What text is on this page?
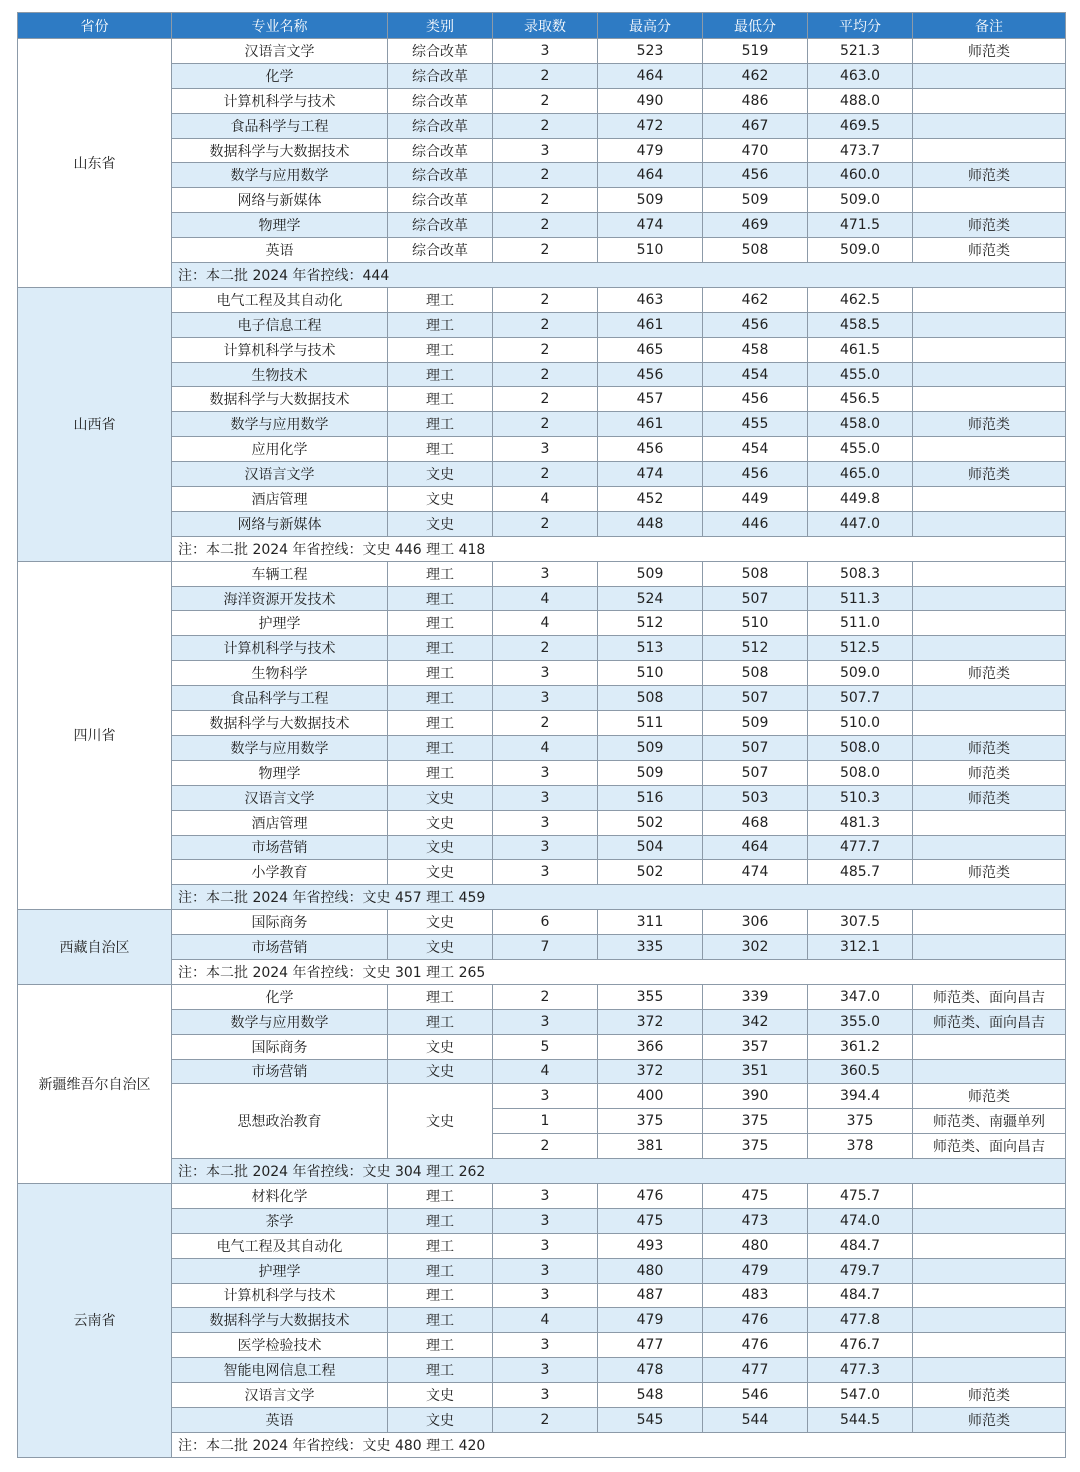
省份	专业名称	类别	录取数	最高分	最低分	平均分	备注
山东省	汉语言文学	综合改革	3	523	519	521.3	师范类
	化学	综合改革	2	464	462	463.0	
	计算机科学与技术	综合改革	2	490	486	488.0	
	食品科学与工程	综合改革	2	472	467	469.5	
	数据科学与大数据技术	综合改革	3	479	470	473.7	
	数学与应用数学	综合改革	2	464	456	460.0	师范类
	网络与新媒体	综合改革	2	509	509	509.0	
	物理学	综合改革	2	474	469	471.5	师范类
	英语	综合改革	2	510	508	509.0	师范类
	注：本二批 2024 年省控线：444						
山西省	电气工程及其自动化	理工	2	463	462	462.5	
	电子信息工程	理工	2	461	456	458.5	
	计算机科学与技术	理工	2	465	458	461.5	
	生物技术	理工	2	456	454	455.0	
	数据科学与大数据技术	理工	2	457	456	456.5	
	数学与应用数学	理工	2	461	455	458.0	师范类
	应用化学	理工	3	456	454	455.0	
	汉语言文学	文史	2	474	456	465.0	师范类
	酒店管理	文史	4	452	449	449.8	
	网络与新媒体	文史	2	448	446	447.0	
	注：本二批 2024 年省控线：文史 446 理工 418						
四川省	车辆工程	理工	3	509	508	508.3	
	海洋资源开发技术	理工	4	524	507	511.3	
	护理学	理工	4	512	510	511.0	
	计算机科学与技术	理工	2	513	512	512.5	
	生物科学	理工	3	510	508	509.0	师范类
	食品科学与工程	理工	3	508	507	507.7	
	数据科学与大数据技术	理工	2	511	509	510.0	
	数学与应用数学	理工	4	509	507	508.0	师范类
	物理学	理工	3	509	507	508.0	师范类
	汉语言文学	文史	3	516	503	510.3	师范类
	酒店管理	文史	3	502	468	481.3	
	市场营销	文史	3	504	464	477.7	
	小学教育	文史	3	502	474	485.7	师范类
	注：本二批 2024 年省控线：文史 457 理工 459						
西藏自治区	国际商务	文史	6	311	306	307.5	
	市场营销	文史	7	335	302	312.1	
	注：本二批 2024 年省控线：文史 301 理工 265						
新疆维吾尔自治区	化学	理工	2	355	339	347.0	师范类、面向昌吉
	数学与应用数学	理工	3	372	342	355.0	师范类、面向昌吉
	国际商务	文史	5	366	357	361.2	
	市场营销	文史	4	372	351	360.5	
	思想政治教育	文史	3	400	390	394.4	师范类
			1	375	375	375	师范类、南疆单列
			2	381	375	378	师范类、面向昌吉
	注：本二批 2024 年省控线：文史 304 理工 262						
云南省	材料化学	理工	3	476	475	475.7	
	茶学	理工	3	475	473	474.0	
	电气工程及其自动化	理工	3	493	480	484.7	
	护理学	理工	3	480	479	479.7	
	计算机科学与技术	理工	3	487	483	484.7	
	数据科学与大数据技术	理工	4	479	476	477.8	
	医学检验技术	理工	3	477	476	476.7	
	智能电网信息工程	理工	3	478	477	477.3	
	汉语言文学	文史	3	548	546	547.0	师范类
	英语	文史	2	545	544	544.5	师范类
	注：本二批 2024 年省控线：文史 480 理工 420						
